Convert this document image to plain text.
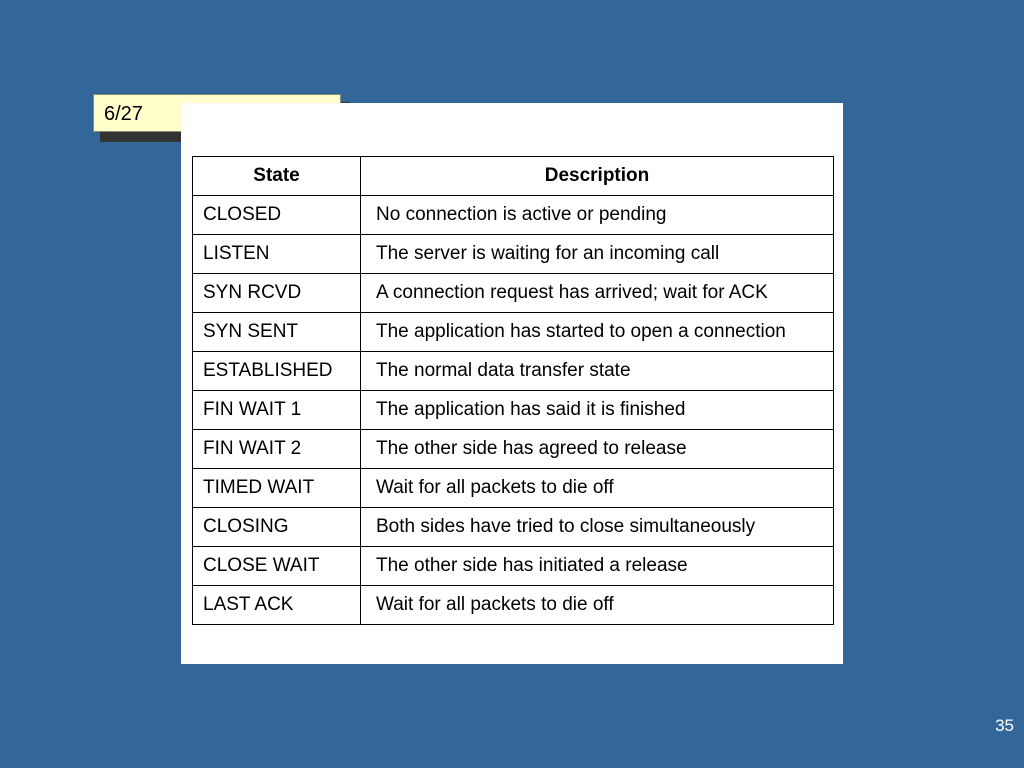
6/27
State	Description
CLOSED	No connection is active or pending
LISTEN	The server is waiting for an incoming call
SYN RCVD	A connection request has arrived; wait for ACK
SYN SENT	The application has started to open a connection
ESTABLISHED	The normal data transfer state
FIN WAIT 1	The application has said it is finished
FIN WAIT 2	The other side has agreed to release
TIMED WAIT	Wait for all packets to die off
CLOSING	Both sides have tried to close simultaneously
CLOSE WAIT	The other side has initiated a release
LAST ACK	Wait for all packets to die off
35
